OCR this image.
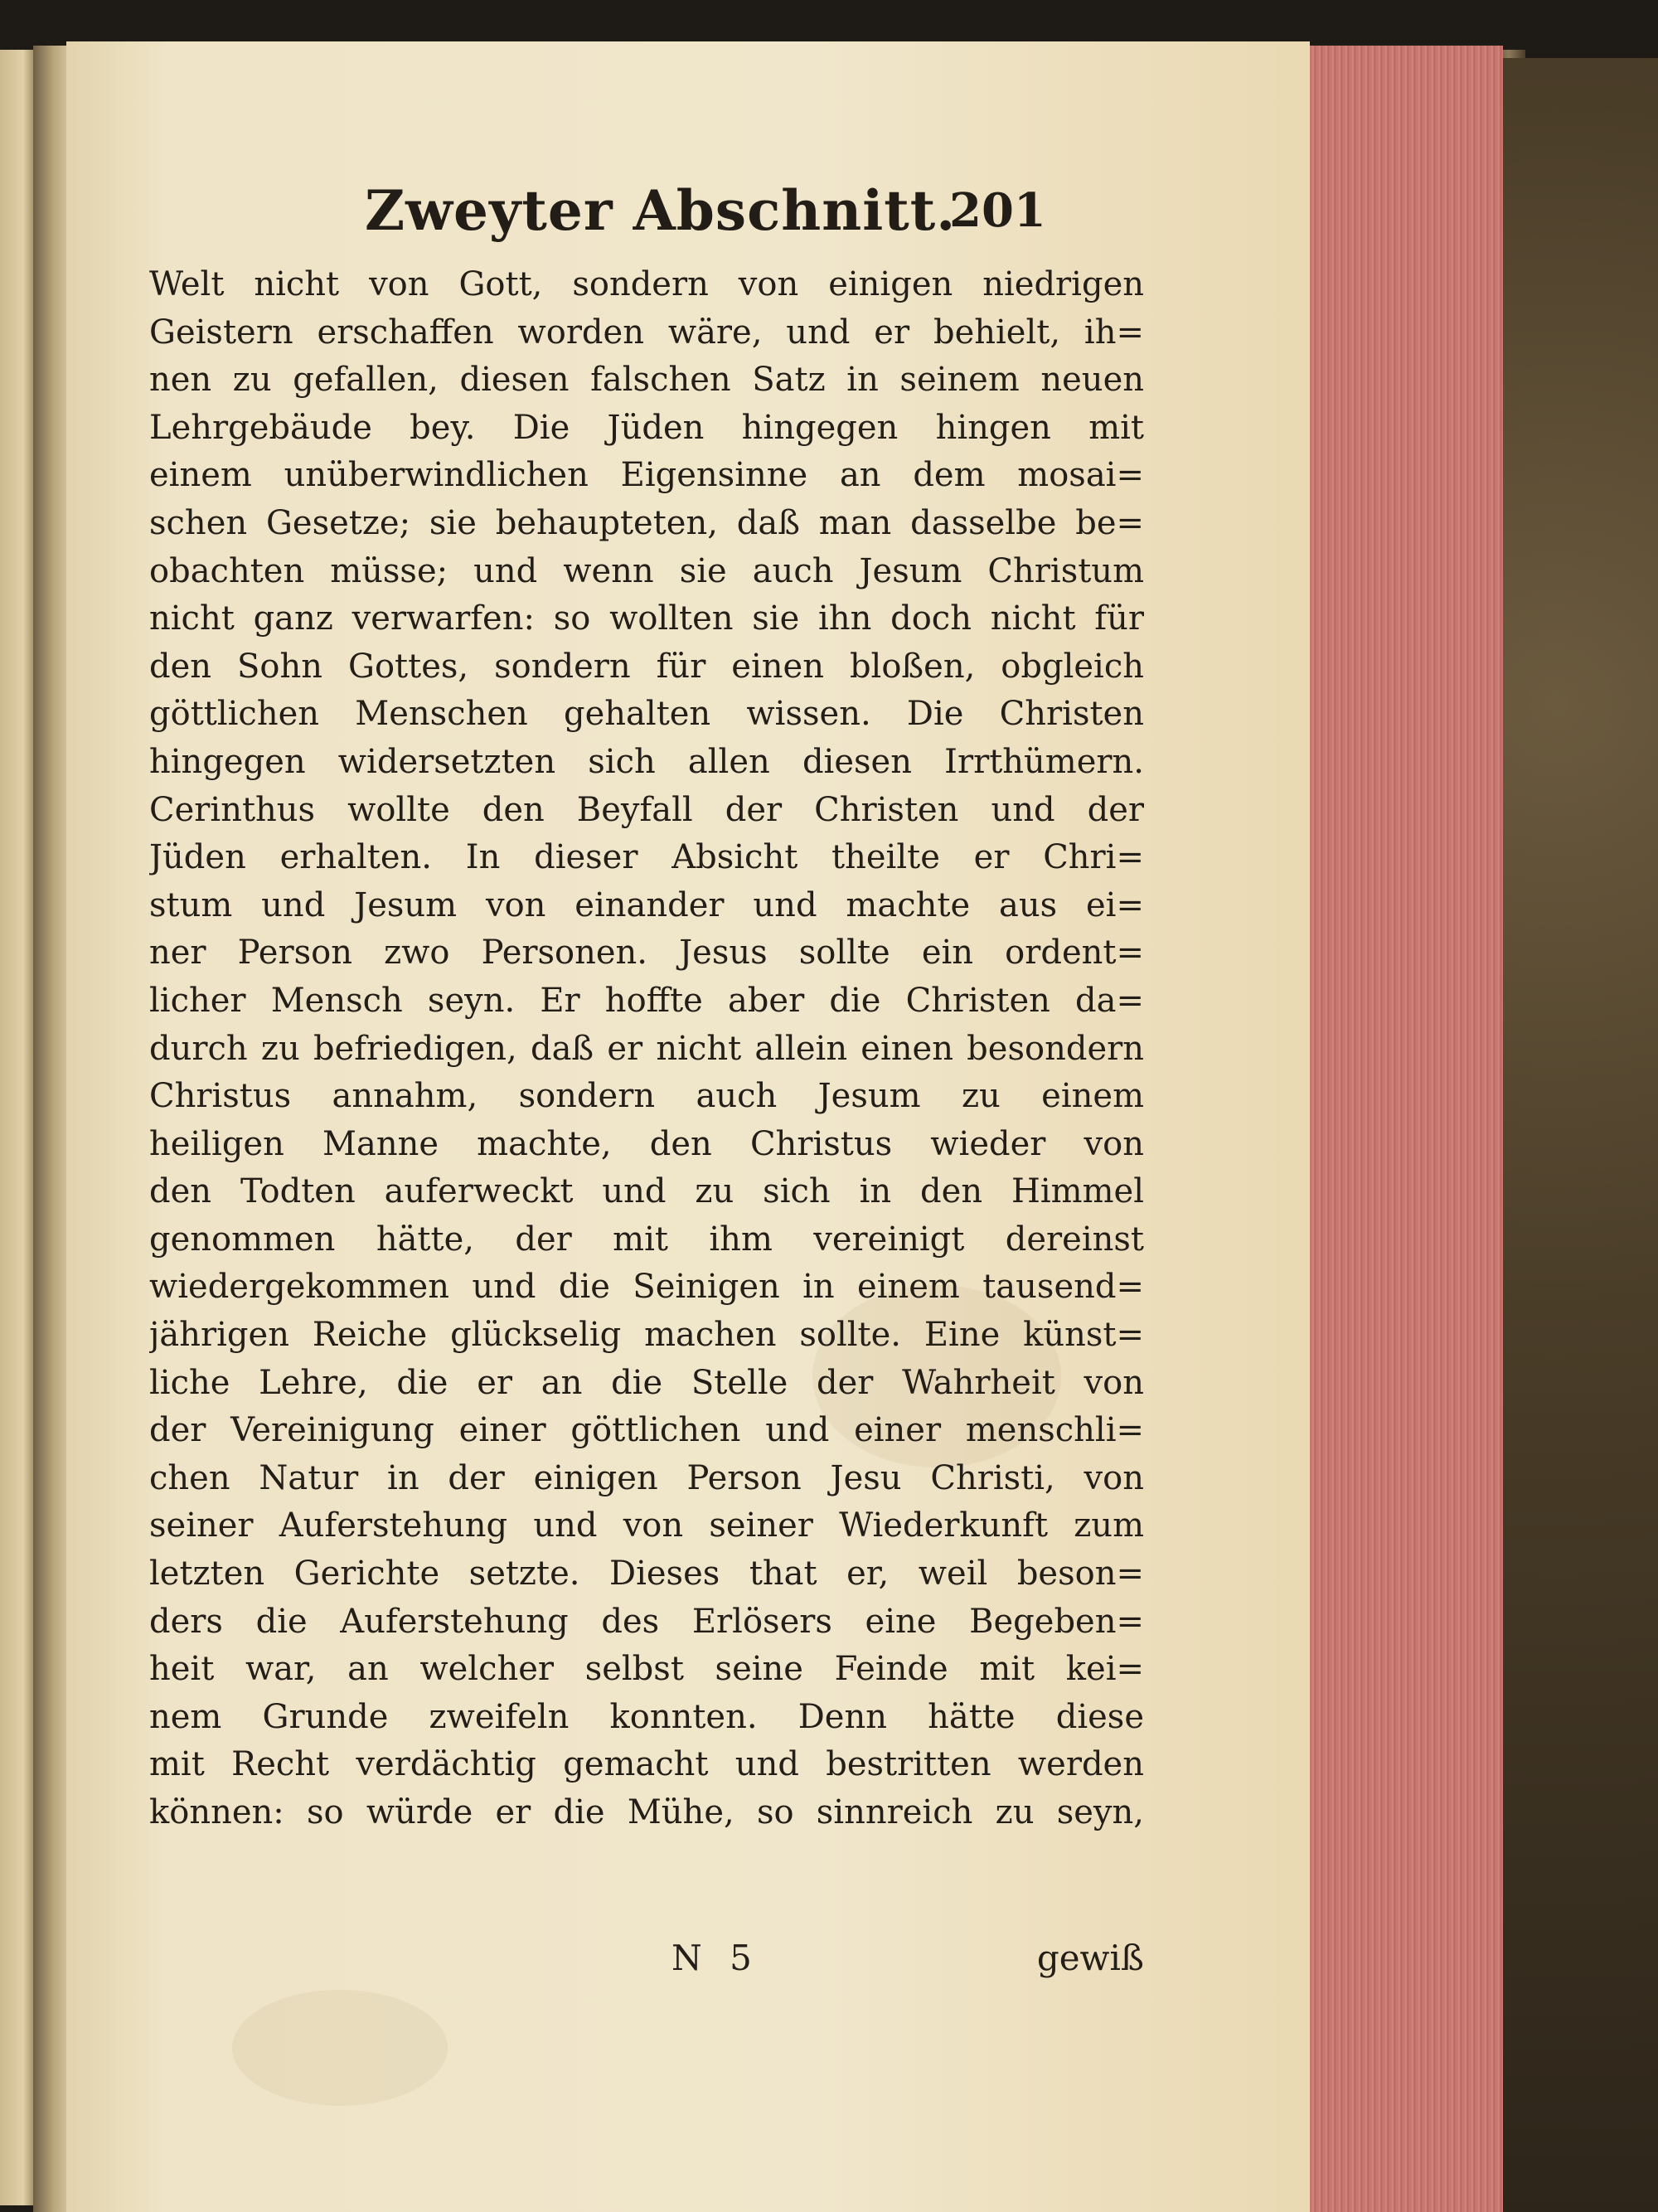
Zweyter Abschnitt.
201
Welt nicht von Gott, sondern von einigen niedrigen
Geistern erschaffen worden wäre, und er behielt, ih=
nen zu gefallen, diesen falschen Satz in seinem neuen
Lehrgebäude bey. Die Jüden hingegen hingen mit
einem unüberwindlichen Eigensinne an dem mosai=
schen Gesetze; sie behaupteten, daß man dasselbe be=
obachten müsse; und wenn sie auch Jesum Christum
nicht ganz verwarfen: so wollten sie ihn doch nicht für
den Sohn Gottes, sondern für einen bloßen, obgleich
göttlichen Menschen gehalten wissen. Die Christen
hingegen widersetzten sich allen diesen Irrthümern.
Cerinthus wollte den Beyfall der Christen und der
Jüden erhalten. In dieser Absicht theilte er Chri=
stum und Jesum von einander und machte aus ei=
ner Person zwo Personen. Jesus sollte ein ordent=
licher Mensch seyn. Er hoffte aber die Christen da=
durch zu befriedigen, daß er nicht allein einen besondern
Christus annahm, sondern auch Jesum zu einem
heiligen Manne machte, den Christus wieder von
den Todten auferweckt und zu sich in den Himmel
genommen hätte, der mit ihm vereinigt dereinst
wiedergekommen und die Seinigen in einem tausend=
jährigen Reiche glückselig machen sollte. Eine künst=
liche Lehre, die er an die Stelle der Wahrheit von
der Vereinigung einer göttlichen und einer menschli=
chen Natur in der einigen Person Jesu Christi, von
seiner Auferstehung und von seiner Wiederkunft zum
letzten Gerichte setzte. Dieses that er, weil beson=
ders die Auferstehung des Erlösers eine Begeben=
heit war, an welcher selbst seine Feinde mit kei=
nem Grunde zweifeln konnten. Denn hätte diese
mit Recht verdächtig gemacht und bestritten werden
können: so würde er die Mühe, so sinnreich zu seyn,
N 5	gewiß
